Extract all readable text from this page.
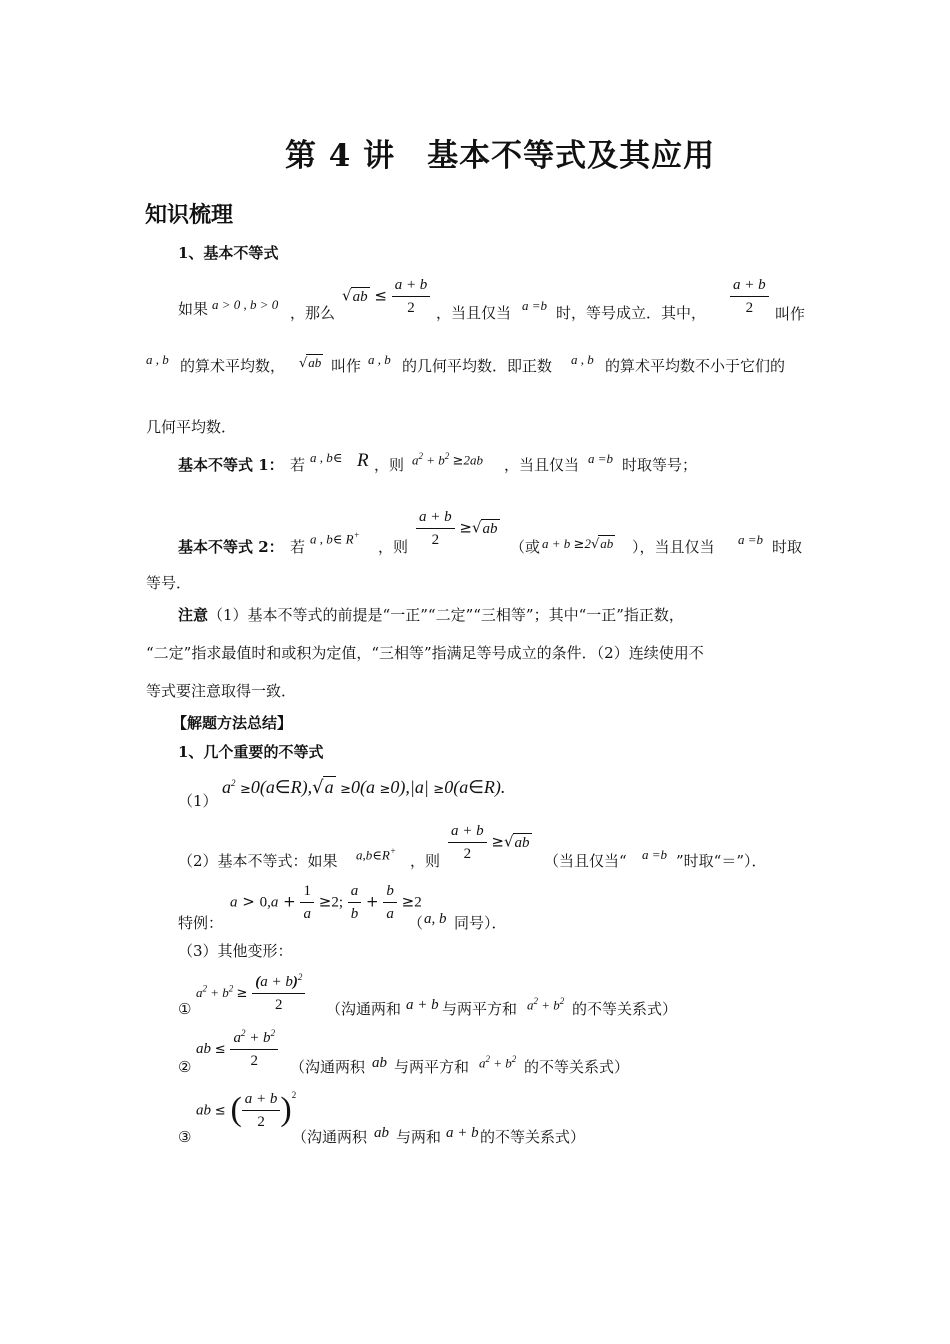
第 4 讲　基本不等式及其应用
知识梳理
1、基本不等式
如果 a > 0 , b > 0 ，那么
$√ab \le \frac{a + b}{2}$ ，当且仅当 a =b 时，等号成立．其中， $\frac{a + b}{2}$ 叫作
a , b 的算术平均数， √ab 叫作 a , b 的几何平均数．即正数 a , b 的算术平均数不小于它们的
几何平均数．
基本不等式 1： 若 a , b∈ R ，则 $a^2 + b^2 \ge 2ab$ ，当且仅当 a =b 时取等号；
基本不等式 2： 若 a , b∈ R+
，则 $\frac{a + b}{2} \ge√ab$
（或 a + b ≥2√ab ），当且仅当 a =b 时取
等号．
注意（1）基本不等式的前提是“一正”“二定”“三相等”；其中“一正”指正数，
“二定”指求最值时和或积为定值，“三相等”指满足等号成立的条件．（2）连续使用不
等式要注意取得一致．
【解题方法总结】
1、几个重要的不等式
（1）
$a^2$ ≥0(a∈R),√a ≥0(a ≥0),|a| ≥0(a∈R).
（2）基本不等式：如果 a,b∈R+
，则 $\frac{a + b}{2} \ge√ab$
（当且仅当“ a =b ”时取“＝”）．
特例：
$a > 0,a + \frac{1}{a} \ge 2$; $\frac{a}{b} + \frac{b}{a} \ge 2$
（ a, b 同号）．
（3）其他变形：
①
$a^2 + b^2 \ge \frac{(a + b)^2}{2}$ （沟通两和 a + b 与两平方和 $a^2 + b^2$ 的不等关系式）
②
ab ≤ $\frac{a^2 + b^2}{2}$ （沟通两积 ab 与两平方和 $a^2 + b^2$ 的不等关系式）
③
ab ≤ ( $\frac{a + b}{2} )^2$
（沟通两积 ab 与两和 a + b 的不等关系式）
